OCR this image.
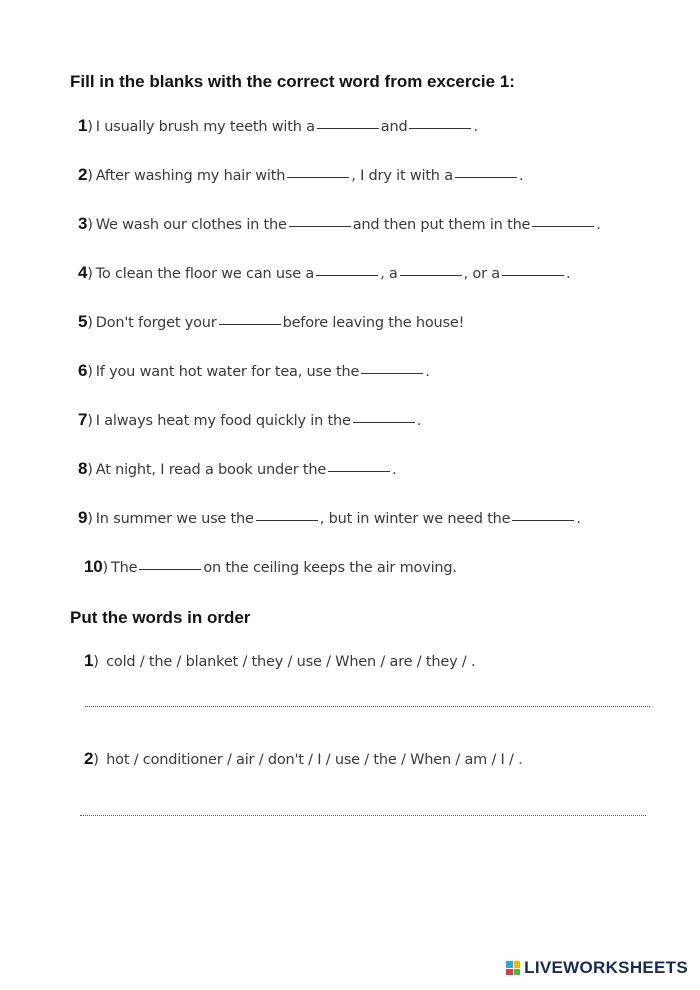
Fill in the blanks with the correct word from excercie 1:
1) I usually brush my teeth with a	and	.
2) After washing my hair with	, I dry it with a	.
3) We wash our clothes in the	and then put them in the	.
4) To clean the floor we can use a	, a	, or a	.
5) Don't forget your	before leaving the house!
6) If you want hot water for tea, use the	.
7) I always heat my food quickly in the	.
8) At night, I read a book under the	.
9) In summer we use the	, but in winter we need the	.
10) The	on the ceiling keeps the air moving.
Put the words in order
1) cold / the / blanket / they / use / When / are / they / .
2) hot / conditioner / air / don't / I / use / the / When / am / I / .
LIVEWORKSHEETS
